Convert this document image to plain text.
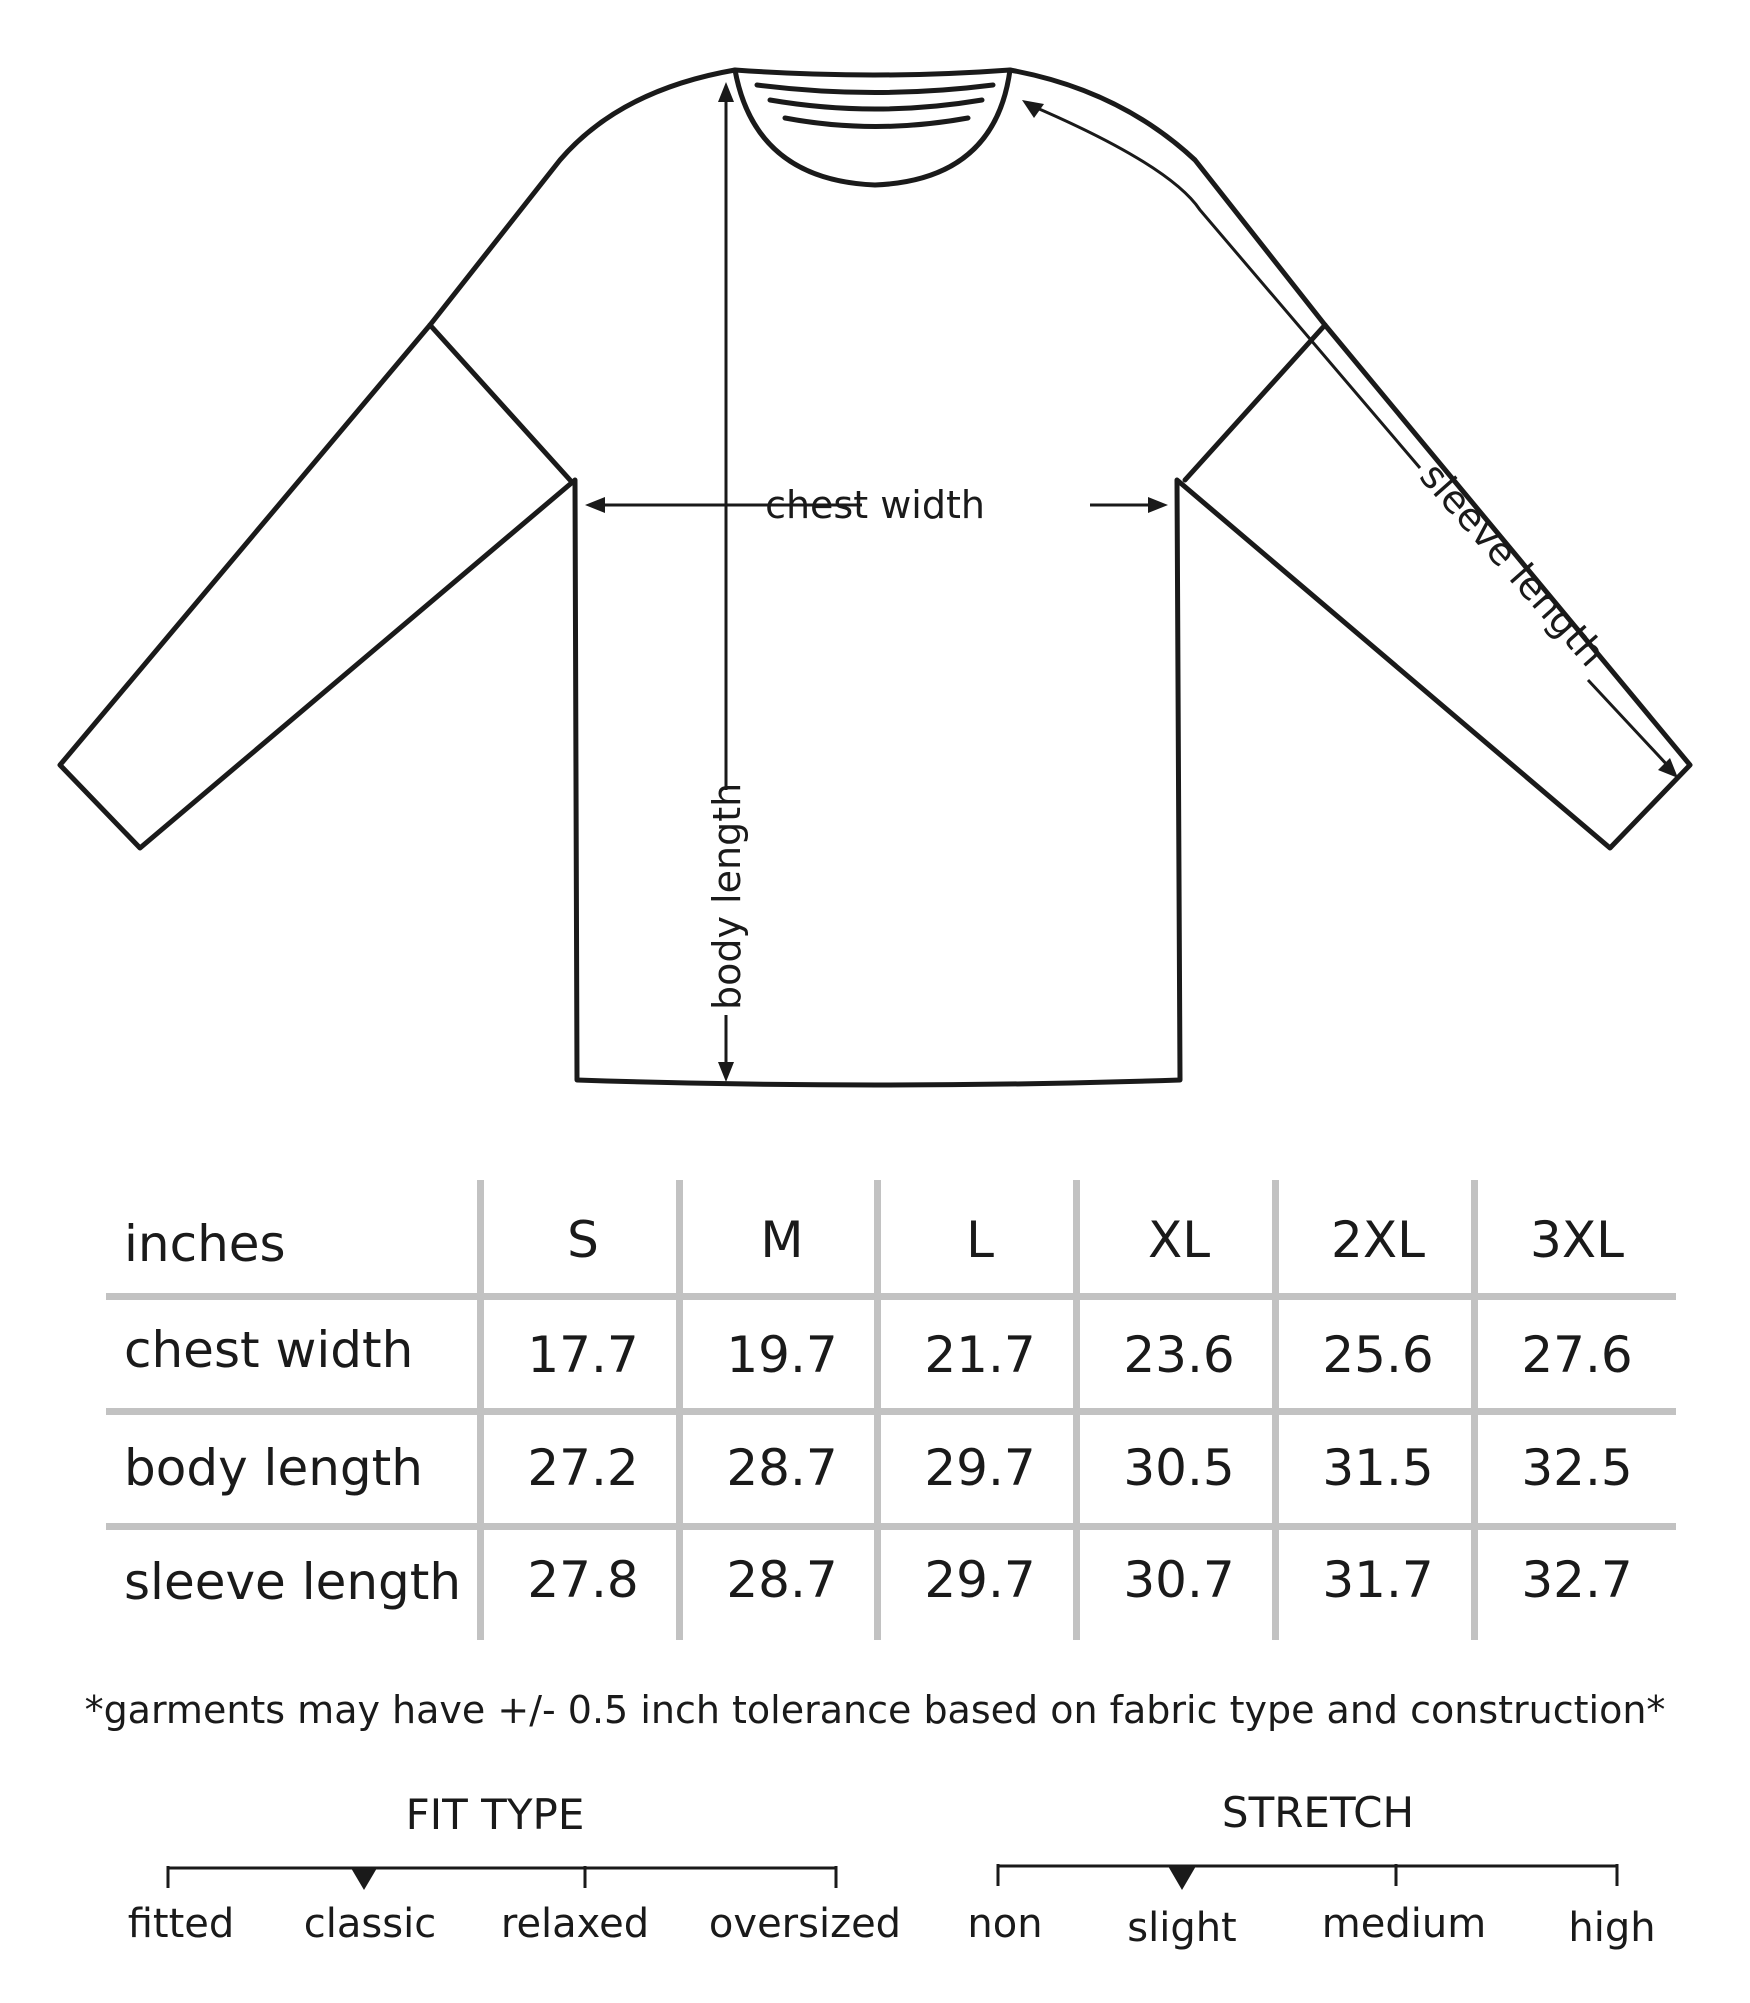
body length
chest width	sleeve length
inches	S	M	L	XL	2XL	3XL
chest width	17.7	19.7	21.7	23.6	25.6	27.6
body length	27.2	28.7	29.7	30.5	31.5	32.5
sleeve length	27.8	28.7	29.7	30.7	31.7	32.7
*garments may have +/- 0.5 inch tolerance based on fabric type and construction*
FIT TYPE	STRETCH
fitted classic relaxed oversized non slight medium high
